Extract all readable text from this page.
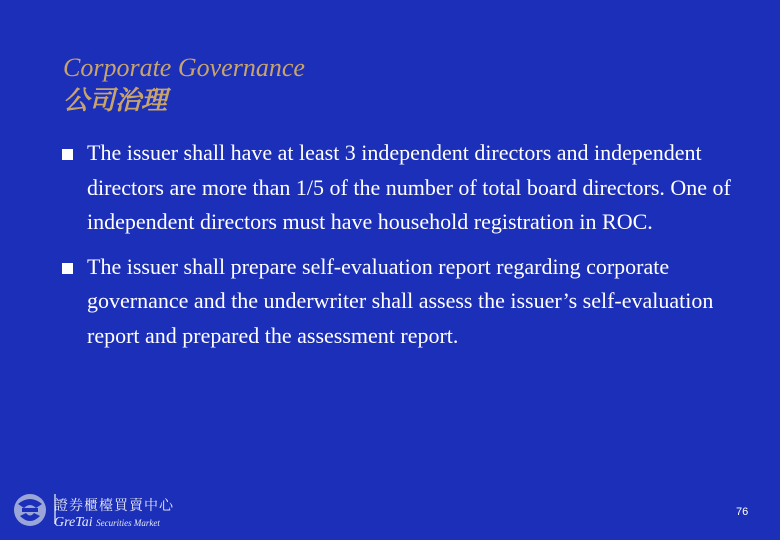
Corporate Governance
公司治理
The issuer shall have at least 3 independent directors and independent directors are more than 1/5 of the number of total board directors. One of independent directors must have household registration in ROC.
The issuer shall prepare self-evaluation report regarding corporate governance and the underwriter shall assess the issuer’s self-evaluation report and prepared the assessment report.
證券櫃檯買賣中心
GreTai Securities Market
76
